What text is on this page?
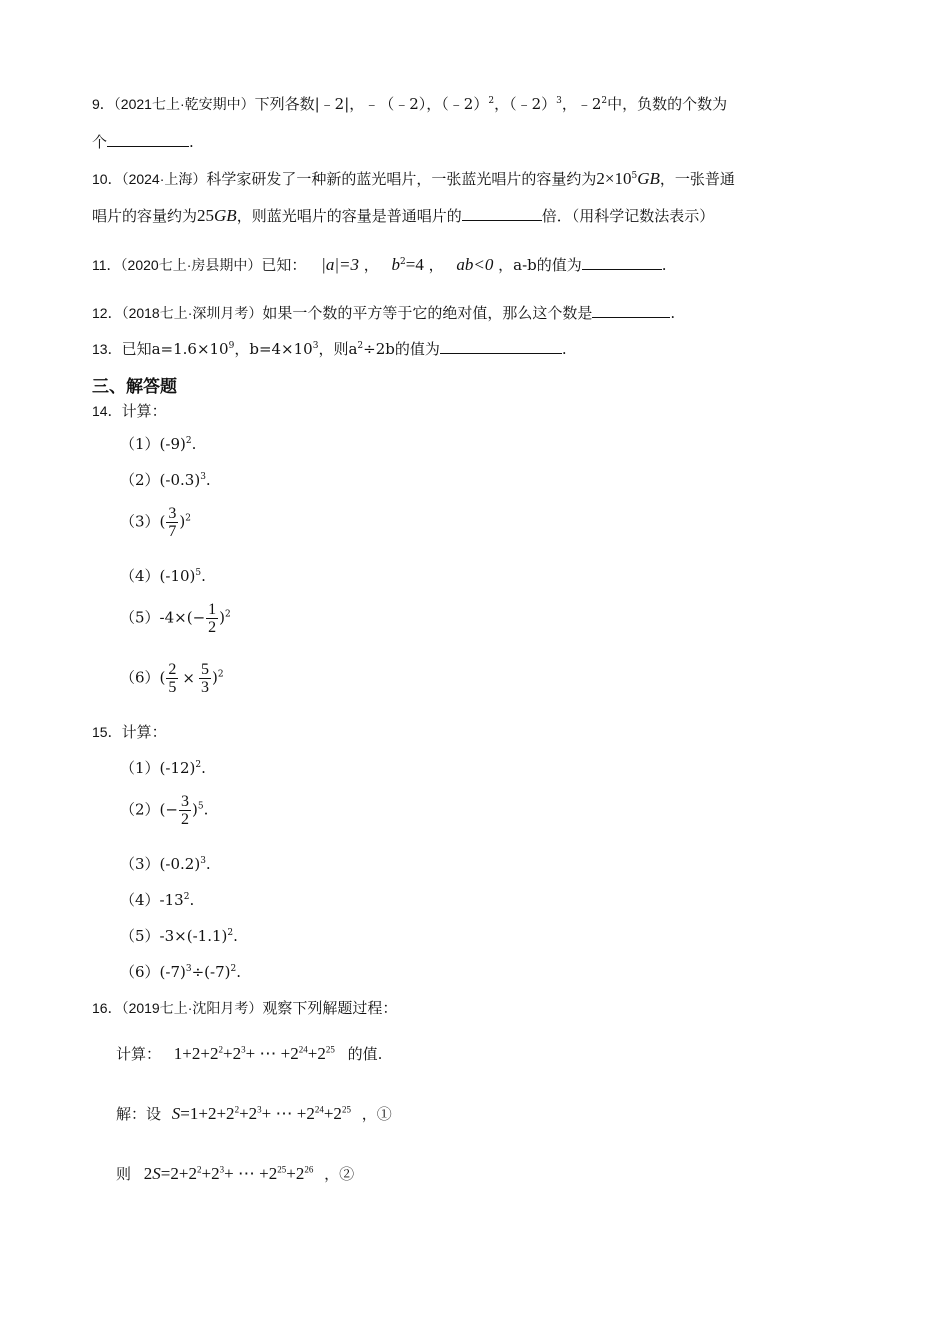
9．（2021七上·乾安期中）下列各数|﹣2|，﹣（﹣2），（﹣2）$^2$，（﹣2）$^3$，$﹣2^2$中，负数的个数为
个	.
10．（2024·上海）科学家研发了一种新的蓝光唱片，一张蓝光唱片的容量约为$2\times 10^5GB$，一张普通
唱片的容量约为25GB，则蓝光唱片的容量是普通唱片的	倍．（用科学记数法表示）
11．（2020七上·房县期中）已知： |a|=3 ， $b^2=4$ ， ab<0 ，a-b的值为	.
12．（2018七上·深圳月考）如果一个数的平方等于它的绝对值，那么这个数是	.
13．已知$a=1.6\times 10^9$，$b=4\times 10^3$，则$a^2\div 2b$的值为	.
三、解答题
14．计算：
$(1)(-9)^2$.
$(2)(-0.3)^3$.
$(3)( \frac{3}{7} )^2$
$(4)(-10)^5$.
$(5)-4\times(- \frac{1}{2} )^2$
$(6)( \frac{2}{5} \times \frac{5}{3} )^2$
15．计算：
$(1)(-12)^2$.
$(2)(- \frac{3}{2} )^5$.
$(3)(-0.2)^3$.
$(4)-13^2$.
$(5)-3\times(-1.1)^2$.
$(6)(-7)^3\div(-7)^2$.
16．（2019七上·沈阳月考）观察下列解题过程：
计算： $1+2+2^2+2^3+$ ⋯ $+2^{24}+2^{25}$ 的值.
解：设 $S=1+2+2^2+2^3+$ ⋯ $+2^{24}+2^{25}$ ，①
则 $2S=2+2^2+2^3+$ ⋯ $+2^{25}+2^{26}$ ，②
